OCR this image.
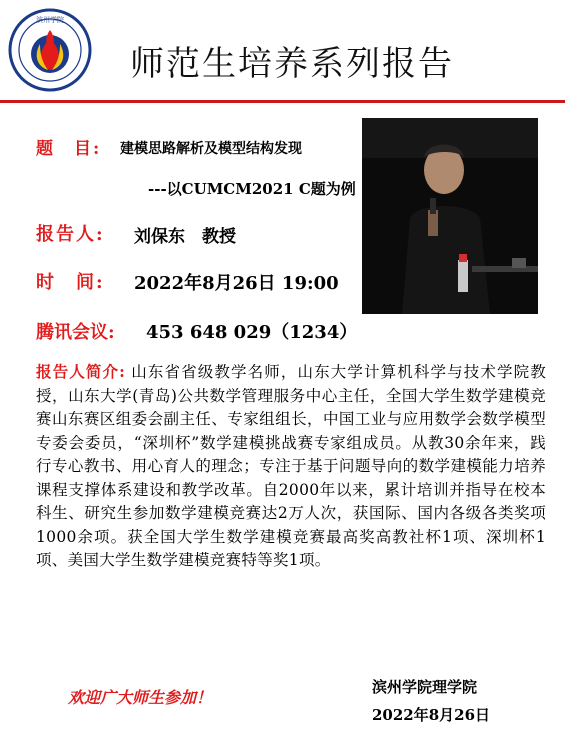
滨州学院
师范生培养系列报告
题　目: 建模思路解析及模型结构发现
---以CUMCM2021 C题为例
报告人: 刘保东　教授
时　间: 2022年8月26日 19:00
腾讯会议: 453 648 029（1234）
报告人简介: 山东省省级教学名师，山东大学计算机科学与技术学院教授，山东大学(青岛)公共数学管理服务中心主任，全国大学生数学建模竞赛山东赛区组委会副主任、专家组组长，中国工业与应用数学会数学模型专委会委员，“深圳杯”数学建模挑战赛专家组成员。从教30余年来，践行专心教书、用心育人的理念；专注于基于问题导向的数学建模能力培养课程支撑体系建设和教学改革。自2000年以来，累计培训并指导在校本科生、研究生参加数学建模竞赛达2万人次，获国际、国内各级各类奖项1000余项。获全国大学生数学建模竞赛最高奖高教社杯1项、深圳杯1项、美国大学生数学建模竞赛特等奖1项。
欢迎广大师生参加！
滨州学院理学院
2022年8月26日
